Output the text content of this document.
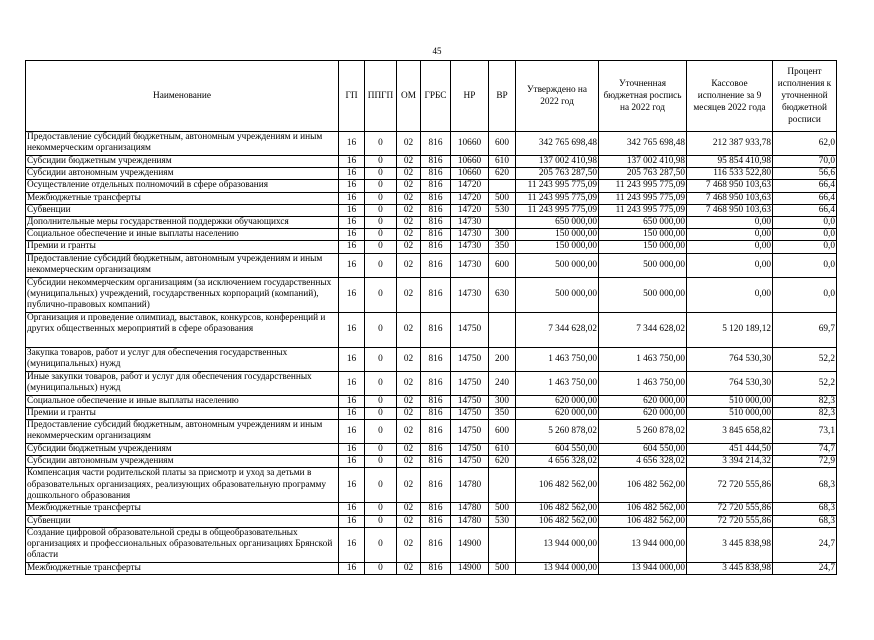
45
Наименование	ГП	ППГП	ОМ	ГРБС	НР	ВР	Утверждено на 2022 год	Уточненная бюджетная роспись на 2022 год	Кассовое исполнение за 9 месяцев 2022 года	Процент исполнения к уточненной бюджетной росписи
Предоставление субсидий бюджетным, автономным учреждениям и иным некоммерческим организациям	16	0	02	816	10660	600	342 765 698,48	342 765 698,48	212 387 933,78	62,0
Субсидии бюджетным учреждениям	16	0	02	816	10660	610	137 002 410,98	137 002 410,98	95 854 410,98	70,0
Субсидии автономным учреждениям	16	0	02	816	10660	620	205 763 287,50	205 763 287,50	116 533 522,80	56,6
Осуществление отдельных полномочий в сфере образования	16	0	02	816	14720		11 243 995 775,09	11 243 995 775,09	7 468 950 103,63	66,4
Межбюджетные трансферты	16	0	02	816	14720	500	11 243 995 775,09	11 243 995 775,09	7 468 950 103,63	66,4
Субвенции	16	0	02	816	14720	530	11 243 995 775,09	11 243 995 775,09	7 468 950 103,63	66,4
Дополнительные меры государственной поддержки обучающихся	16	0	02	816	14730		650 000,00	650 000,00	0,00	0,0
Социальное обеспечение и иные выплаты населению	16	0	02	816	14730	300	150 000,00	150 000,00	0,00	0,0
Премии и гранты	16	0	02	816	14730	350	150 000,00	150 000,00	0,00	0,0
Предоставление субсидий бюджетным, автономным учреждениям и иным некоммерческим организациям	16	0	02	816	14730	600	500 000,00	500 000,00	0,00	0,0
Субсидии некоммерческим организациям (за исключением государственных (муниципальных) учреждений, государственных корпораций (компаний), публично-правовых компаний)	16	0	02	816	14730	630	500 000,00	500 000,00	0,00	0,0
Организация и проведение олимпиад, выставок, конкурсов, конференций и других общественных мероприятий в сфере образования	16	0	02	816	14750		7 344 628,02	7 344 628,02	5 120 189,12	69,7
Закупка товаров, работ и услуг для обеспечения государственных (муниципальных) нужд	16	0	02	816	14750	200	1 463 750,00	1 463 750,00	764 530,30	52,2
Иные закупки товаров, работ и услуг для обеспечения государственных (муниципальных) нужд	16	0	02	816	14750	240	1 463 750,00	1 463 750,00	764 530,30	52,2
Социальное обеспечение и иные выплаты населению	16	0	02	816	14750	300	620 000,00	620 000,00	510 000,00	82,3
Премии и гранты	16	0	02	816	14750	350	620 000,00	620 000,00	510 000,00	82,3
Предоставление субсидий бюджетным, автономным учреждениям и иным некоммерческим организациям	16	0	02	816	14750	600	5 260 878,02	5 260 878,02	3 845 658,82	73,1
Субсидии бюджетным учреждениям	16	0	02	816	14750	610	604 550,00	604 550,00	451 444,50	74,7
Субсидии автономным учреждениям	16	0	02	816	14750	620	4 656 328,02	4 656 328,02	3 394 214,32	72,9
Компенсация части родительской платы за присмотр и уход за детьми в образовательных организациях, реализующих образовательную программу дошкольного образования	16	0	02	816	14780		106 482 562,00	106 482 562,00	72 720 555,86	68,3
Межбюджетные трансферты	16	0	02	816	14780	500	106 482 562,00	106 482 562,00	72 720 555,86	68,3
Субвенции	16	0	02	816	14780	530	106 482 562,00	106 482 562,00	72 720 555,86	68,3
Создание цифровой образовательной среды в общеобразовательных организациях и профессиональных образовательных организациях Брянской области	16	0	02	816	14900		13 944 000,00	13 944 000,00	3 445 838,98	24,7
Межбюджетные трансферты	16	0	02	816	14900	500	13 944 000,00	13 944 000,00	3 445 838,98	24,7
